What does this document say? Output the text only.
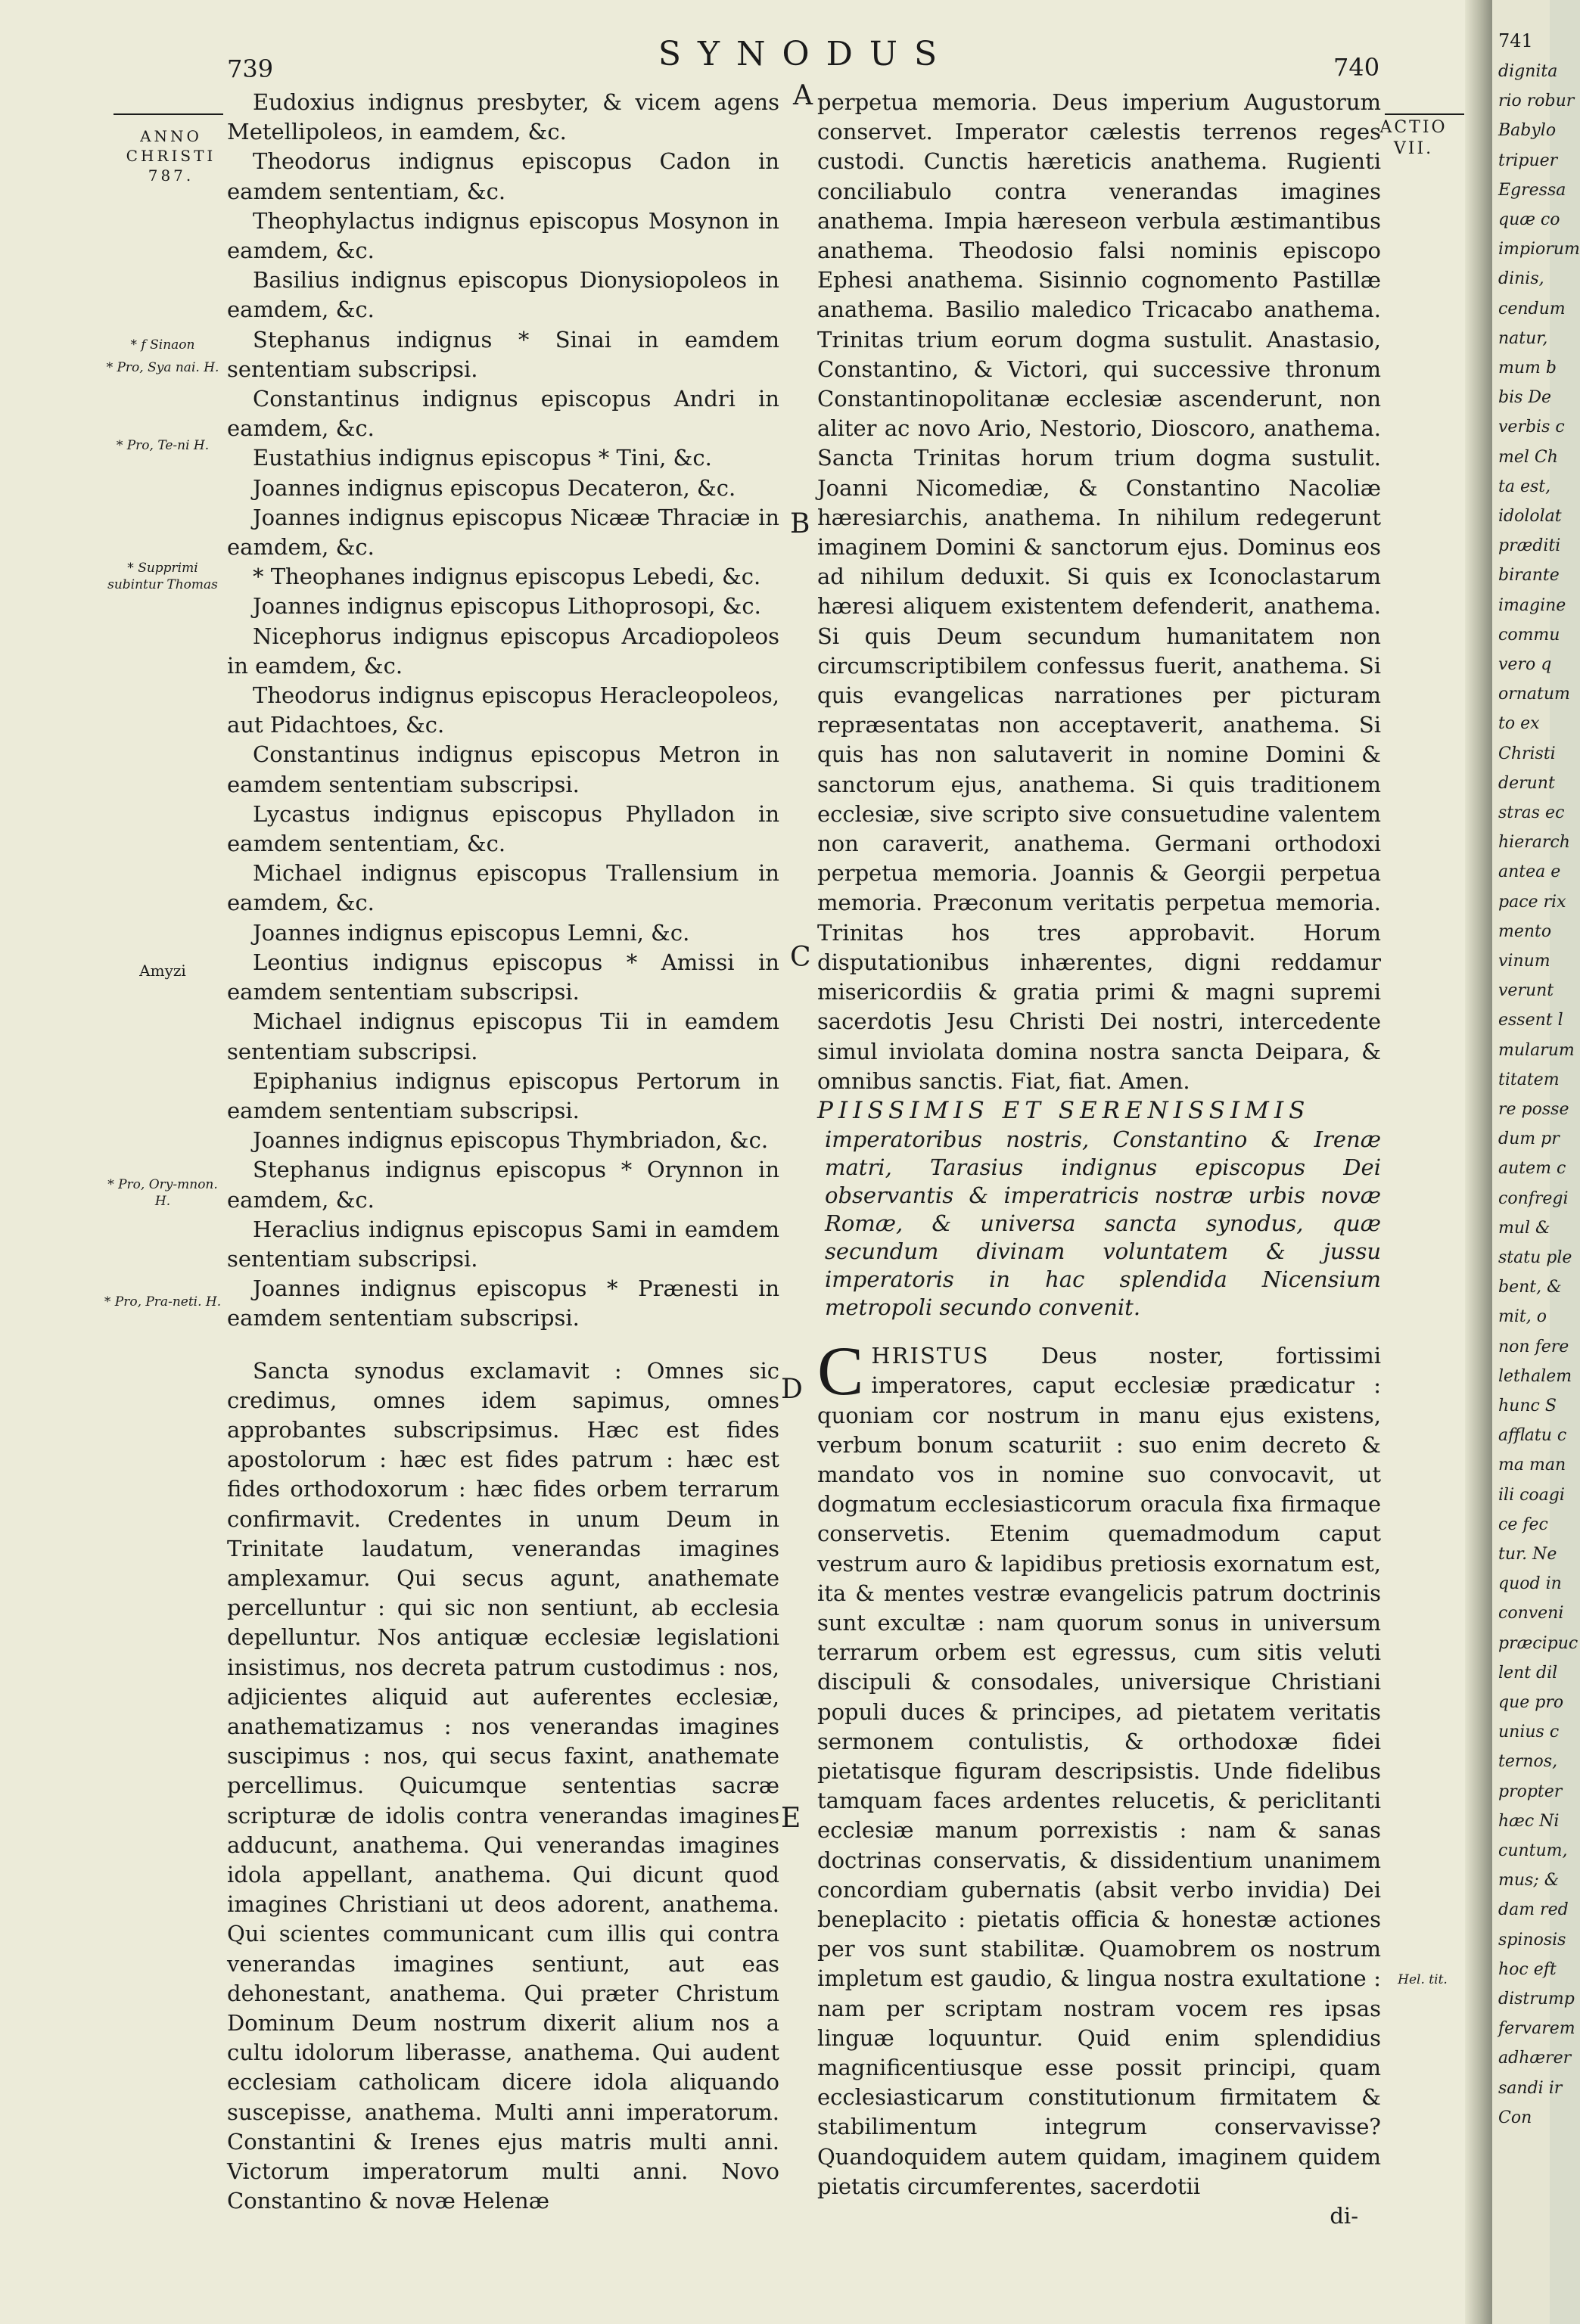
739	SYNODUS	740
ANNO
CHRISTI
787.
ACTIO
VII.
* f Sinaon
* Pro, Sya nai. H.
* Pro, Te-ni H.
* Supprimi subintur Thomas
Amyzi
* Pro, Ory-mnon. H.
* Pro, Pra-neti. H.
A
B
C
D
E

Eudoxius indignus presbyter, & vicem agens Metellipoleos, in eamdem, &c.

Theodorus indignus episcopus Cadon in eamdem sententiam, &c.

Theophylactus indignus episcopus Mosynon in eamdem, &c.

Basilius indignus episcopus Dionysiopoleos in eamdem, &c.

Stephanus indignus * Sinai in eamdem sententiam subscripsi.

Constantinus indignus episcopus Andri in eamdem, &c.

Eustathius indignus episcopus * Tini, &c.

Joannes indignus episcopus Decateron, &c.

Joannes indignus episcopus Nicææ Thraciæ in eamdem, &c.

* Theophanes indignus episcopus Lebedi, &c.

Joannes indignus episcopus Lithoprosopi, &c.

Nicephorus indignus episcopus Arcadiopoleos in eamdem, &c.

Theodorus indignus episcopus Heracleopoleos, aut Pidachtoes, &c.

Constantinus indignus episcopus Metron in eamdem sententiam subscripsi.

Lycastus indignus episcopus Phylladon in eamdem sententiam, &c.

Michael indignus episcopus Trallensium in eamdem, &c.

Joannes indignus episcopus Lemni, &c.

Leontius indignus episcopus * Amissi in eamdem sententiam subscripsi.

Michael indignus episcopus Tii in eamdem sententiam subscripsi.

Epiphanius indignus episcopus Pertorum in eamdem sententiam subscripsi.

Joannes indignus episcopus Thymbriadon, &c.

Stephanus indignus episcopus * Orynnon in eamdem, &c.

Heraclius indignus episcopus Sami in eamdem sententiam subscripsi.

Joannes indignus episcopus * Prænesti in eamdem sententiam subscripsi.

Sancta synodus exclamavit : Omnes sic credimus, omnes idem sapimus, omnes approbantes subscripsimus. Hæc est fides apostolorum : hæc est fides patrum : hæc est fides orthodoxorum : hæc fides orbem terrarum confirmavit. Credentes in unum Deum in Trinitate laudatum, venerandas imagines amplexamur. Qui secus agunt, anathemate percelluntur : qui sic non sentiunt, ab ecclesia depelluntur. Nos antiquæ ecclesiæ legislationi insistimus, nos decreta patrum custodimus : nos, adjicientes aliquid aut auferentes ecclesiæ, anathematizamus : nos venerandas imagines suscipimus : nos, qui secus faxint, anathemate percellimus. Quicumque sententias sacræ scripturæ de idolis contra venerandas imagines adducunt, anathema. Qui venerandas imagines idola appellant, anathema. Qui dicunt quod imagines Christiani ut deos adorent, anathema. Qui scientes communicant cum illis qui contra venerandas imagines sentiunt, aut eas dehonestant, anathema. Qui præter Christum Dominum Deum nostrum dixerit alium nos a cultu idolorum liberasse, anathema. Qui audent ecclesiam catholicam dicere idola aliquando suscepisse, anathema. Multi anni imperatorum. Constantini & Irenes ejus matris multi anni. Victorum imperatorum multi anni. Novo Constantino & novæ Helenæ

perpetua memoria. Deus imperium Augustorum conservet. Imperator cælestis terrenos reges custodi. Cunctis hæreticis anathema. Rugienti conciliabulo contra venerandas imagines anathema. Impia hæreseon verbula æstimantibus anathema. Theodosio falsi nominis episcopo Ephesi anathema. Sisinnio cognomento Pastillæ anathema. Basilio maledico Tricacabo anathema. Trinitas trium eorum dogma sustulit. Anastasio, Constantino, & Victori, qui successive thronum Constantinopolitanæ ecclesiæ ascenderunt, non aliter ac novo Ario, Nestorio, Dioscoro, anathema. Sancta Trinitas horum trium dogma sustulit. Joanni Nicomediæ, & Constantino Nacoliæ hæresiarchis, anathema. In nihilum redegerunt imaginem Domini & sanctorum ejus. Dominus eos ad nihilum deduxit. Si quis ex Iconoclastarum hæresi aliquem existentem defenderit, anathema. Si quis Deum secundum humanitatem non circumscriptibilem confessus fuerit, anathema. Si quis evangelicas narrationes per picturam repræsentatas non acceptaverit, anathema. Si quis has non salutaverit in nomine Domini & sanctorum ejus, anathema. Si quis traditionem ecclesiæ, sive scripto sive consuetudine valentem non caraverit, anathema. Germani orthodoxi perpetua memoria. Joannis & Georgii perpetua memoria. Præconum veritatis perpetua memoria. Trinitas hos tres approbavit. Horum disputationibus inhærentes, digni reddamur misericordiis & gratia primi & magni supremi sacerdotis Jesu Christi Dei nostri, intercedente simul inviolata domina nostra sancta Deipara, & omnibus sanctis. Fiat, fiat. Amen.

PIISSIMIS ET SERENISSIMIS

imperatoribus nostris, Constantino & Irenæ matri, Tarasius indignus episcopus Dei observantis & imperatricis nostræ urbis novæ Romæ, & universa sancta synodus, quæ secundum divinam voluntatem & jussu imperatoris in hac splendida Nicensium metropoli secundo convenit.

CHRISTUS Deus noster, fortissimi imperatores, caput ecclesiæ prædicatur : quoniam cor nostrum in manu ejus existens, verbum bonum scaturiit : suo enim decreto & mandato vos in nomine suo convocavit, ut dogmatum ecclesiasticorum oracula fixa firmaque conservetis. Etenim quemadmodum caput vestrum auro & lapidibus pretiosis exornatum est, ita & mentes vestræ evangelicis patrum doctrinis sunt excultæ : nam quorum sonus in universum terrarum orbem est egressus, cum sitis veluti discipuli & consodales, universique Christiani populi duces & principes, ad pietatem veritatis sermonem contulistis, & orthodoxæ fidei pietatisque figuram descripsistis. Unde fidelibus tamquam faces ardentes relucetis, & periclitanti ecclesiæ manum porrexistis : nam & sanas doctrinas conservatis, & dissidentium unanimem concordiam gubernatis (absit verbo invidia) Dei beneplacito : pietatis officia & honestæ actiones per vos sunt stabilitæ. Quamobrem os nostrum impletum est gaudio, & lingua nostra exultatione : nam per scriptam nostram vocem res ipsas linguæ loquuntur. Quid enim splendidius magnificentiusque esse possit principi, quam ecclesiasticarum constitutionum firmitatem & stabilimentum integrum conservavisse? Quandoquidem autem quidam, imaginem quidem pietatis circumferentes, sacerdotii

di-

Hel. tit.
741
dignita
rio robur
Babylo
tripuer
Egressa
quæ co
impiorum
dinis,
cendum
natur,
mum b
bis De
verbis c
mel Ch
ta est,
idololat
præditi
birante
imagine
commu
vero q
ornatum
to ex
Christi
derunt
stras ec
hierarch
antea e
pace rix
mento
vinum
verunt
essent l
mularum
titatem
re posse
dum pr
autem c
confregi
mul &
statu ple
bent, &
mit, o
non fere
lethalem
hunc S
afflatu c
ma man
ili coagi
ce fec
tur. Ne
quod in
conveni
præcipuc
lent dil
que pro
unius c
ternos,
propter
hæc Ni
cuntum,
mus; &
dam red
spinosis
hoc eft
distrump
fervarem
adhærer
sandi ir
Con
